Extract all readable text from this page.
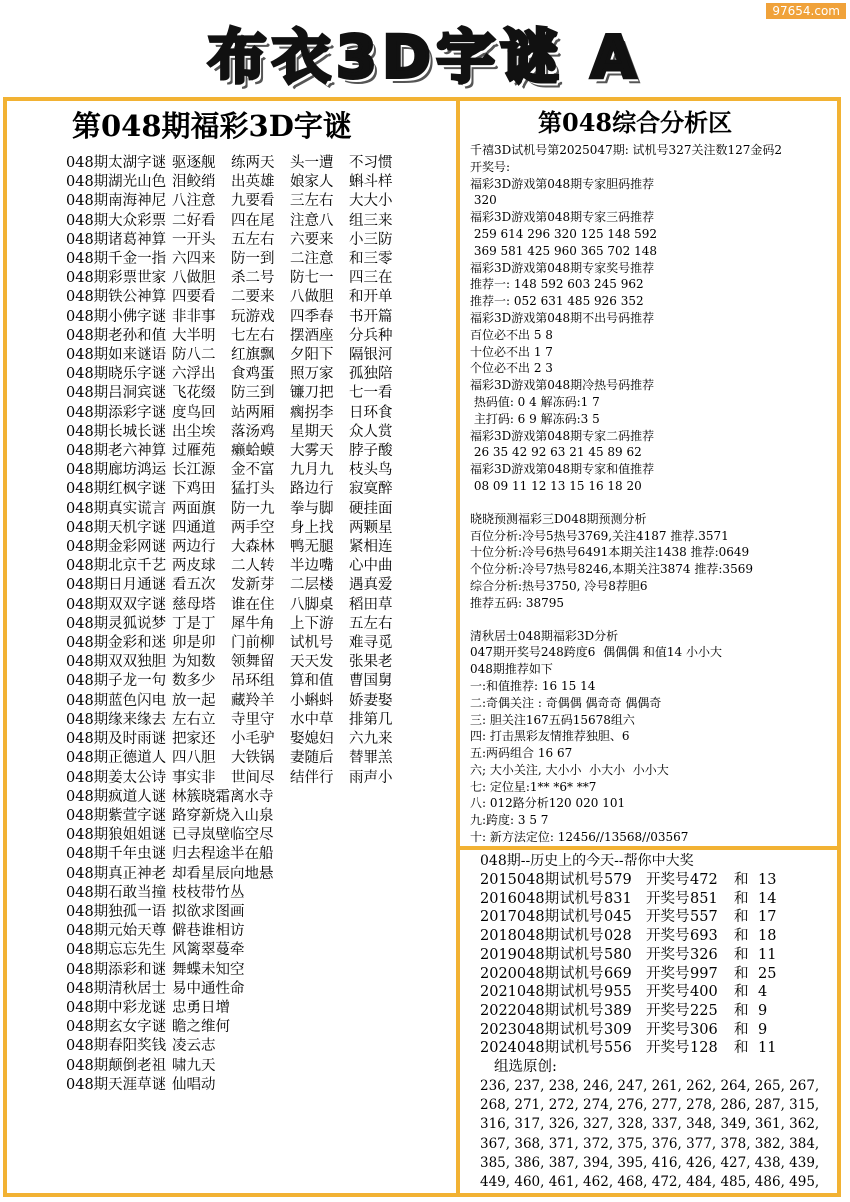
97654.com
布衣3D字谜 A
第048期福彩3D字谜
048期太湖字谜 驱逐舰	练两天	头一遭	不习惯
048期湖光山色 泪鲛绡	出英雄	娘家人	蝌斗样
048期南海神尼 八注意	九要看	三左右	大大小
048期大众彩票 二好看	四在尾	注意八	组三来
048期诸葛神算 一开头	五左右	六要来	小三防
048期千金一指 六四来	防一到	二注意	和三零
048期彩票世家 八做胆	杀二号	防七一	四三在
048期铁公神算 四要看	二要来	八做胆	和开单
048期小佛字谜 非非事	玩游戏	四季春	书开篇
048期老孙和值 大半明	七左右	摆酒座	分兵种
048期如来谜语 防八二	红旗飘	夕阳下	隔银河
048期晓乐字谜 六浮出	食鸡蛋	照万家	孤独陪
048期吕洞宾谜 飞花缀	防三到	镰刀把	七一看
048期添彩字谜 度鸟回	站两厢	瘸拐李	日环食
048期长城长谜 出尘埃	落汤鸡	星期天	众人赏
048期老六神算 过雁苑	癞蛤蟆	大雾天	脖子酸
048期廊坊鸿运 长江源	金不富	九月九	枝头鸟
048期红枫字谜 下鸡田	猛打头	路边行	寂寞醉
048期真实谎言 两面旗	防一九	拳与脚	硬挂面
048期天机字谜 四通道	两手空	身上找	两颗星
048期金彩网谜 两边行	大森林	鸭无腿	紧相连
048期北京千艺 两皮球	二人转	半边嘴	心中曲
048期日月通谜 看五次	发新芽	二层楼	遇真爱
048期双双字谜 慈母塔	谁在住	八脚桌	稻田草
048期灵狐说梦 丁是丁	犀牛角	上下游	五左右
048期金彩和迷 卯是卯	门前柳	试机号	难寻觅
048期双双独胆 为知数	领舞留	天天发	张果老
048期子龙一句 数多少	吊环组	算和值	曹国舅
048期蓝色闪电 放一起	藏羚羊	小蝌蚪	娇妻娶
048期缘来缘去 左右立	寺里守	水中草	排第几
048期及时雨谜 把家还	小毛驴	娶媳妇	六九来
048期正德道人 四八胆	大铁锅	妻随后	替罪羔
048期姜太公诗 事实非	世间尽	结伴行	雨声小
048期疯道人谜 林簇晓霜离水寺
048期紫萱字谜 路穿新烧入山泉
048期狼姐姐谜 已寻岚壁临空尽
048期千年虫谜 归去程途半在船
048期真正神老 却看星辰向地悬
048期石敢当撞 枝枝带竹丛
048期独孤一语 拟欲求图画
048期元始天尊 僻巷谁相访
048期忘忘先生 风篱翠蔓牵
048期添彩和谜 舞蝶未知空
048期清秋居士 易中通性命
048期中彩龙谜 忠勇日增
048期玄女字谜 瞻之维何
048期春阳奖钱 凌云志
048期颠倒老祖 啸九天
048期天涯草谜 仙唱动
第048综合分析区
千禧3D试机号第2025047期: 试机号327关注数127金码2
开奖号:
福彩3D游戏第048期专家胆码推荐
320
福彩3D游戏第048期专家三码推荐
259 614 296 320 125 148 592
369 581 425 960 365 702 148
福彩3D游戏第048期专家奖号推荐
推荐一: 148 592 603 245 962
推荐一: 052 631 485 926 352
福彩3D游戏第048期不出号码推荐
百位必不出 5 8
十位必不出 1 7
个位必不出 2 3
福彩3D游戏第048期冷热号码推荐
热码值: 0 4 解冻码:1 7
主打码: 6 9 解冻码:3 5
福彩3D游戏第048期专家二码推荐
26 35 42 92 63 21 45 89 62
福彩3D游戏第048期专家和值推荐
08 09 11 12 13 15 16 18 20
晓晓预测福彩三D048期预测分析
百位分析:冷号5热号3769,关注4187 推荐.3571
十位分析:冷号6热号6491本期关注1438 推荐:0649
个位分析:冷号7热号8246,本期关注3874 推荐:3569
综合分析:热号3750, 冷号8荐胆6
推荐五码: 38795
清秋居士048期福彩3D分析
047期开奖号248跨度6  偶偶偶 和值14 小小大
048期推荐如下
一:和值推荐: 16 15 14
二:奇偶关注 : 奇偶偶 偶奇奇 偶偶奇
三: 胆关注167五码15678组六
四: 打击黑彩友情推荐独胆、6
五:两码组合 16 67
六; 大小关注, 大小小  小大小  小小大
七: 定位星:1** *6* **7
八: 012路分析120 020 101
九:跨度: 3 5 7
十: 新方法定位: 12456//13568//03567
048期--历史上的今天--帮你中大奖
2015048期 试机号 579 开奖号 472	和 13
2016048期 试机号 831 开奖号 851	和 14
2017048期 试机号 045 开奖号 557	和 17
2018048期 试机号 028 开奖号 693	和 18
2019048期 试机号 580 开奖号 326	和 11
2020048期 试机号 669 开奖号 997	和 25
2021048期 试机号 955 开奖号 400	和 4
2022048期 试机号 389 开奖号 225	和 9
2023048期 试机号 309 开奖号 306	和 9
2024048期 试机号 556 开奖号 128	和 11
组选原创:
236, 237, 238, 246, 247, 261, 262, 264, 265, 267, 268, 271, 272, 274, 276, 277, 278, 286, 287, 315, 316, 317, 326, 327, 328, 337, 348, 349, 361, 362, 367, 368, 371, 372, 375, 376, 377, 378, 382, 384, 385, 386, 387, 394, 395, 416, 426, 427, 438, 439, 449, 460, 461, 462, 468, 472, 484, 485, 486, 495,
